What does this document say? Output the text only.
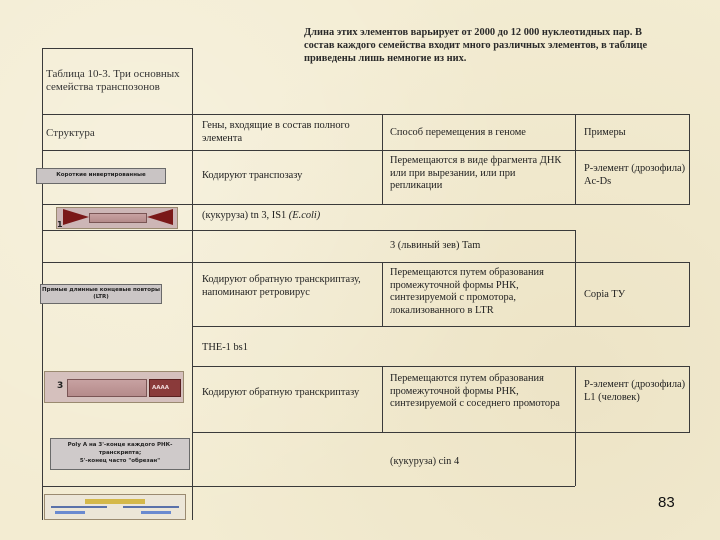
Длина этих элементов варьирует от 2000 до 12 000 нуклеотидных пар. В состав каждого семейства входит много различных элементов, в таблице приведены лишь немногие из них.
Таблица 10-3. Три основных семейства транспозонов
Структура
Гены, входящие в состав полного элемента
Способ перемещения в геноме	Примеры
Кодируют транспозазу
Перемещаются в виде фрагмента ДНК или при вырезании, или при репликации
Р-элемент (дрозофила) Ac-Ds
(кукуруза) tn 3, IS1 (E.coli)
3 (львиный зев) Tam
Кодируют обратную транскриптазу, напоминают ретровирус
Перемещаются путем образования промежуточной формы РНК, синтезируемой с промотора, локализованного в LTR
Copia ТУ
THE-1 bs1
Кодируют обратную транскриптазу
Перемещаются путем образования промежуточной формы РНК, синтезируемой с соседнего промотора
Р-элемент (дрозофила) L1 (человек)
(кукуруза) cin 4
Короткие инвертированные
1
Прямые длинные концевые повторы
(LTR)
3	AAAA
Poly A на 3'-конце каждого РНК-
транскрипта;
5'-конец часто "обрезан"
83
